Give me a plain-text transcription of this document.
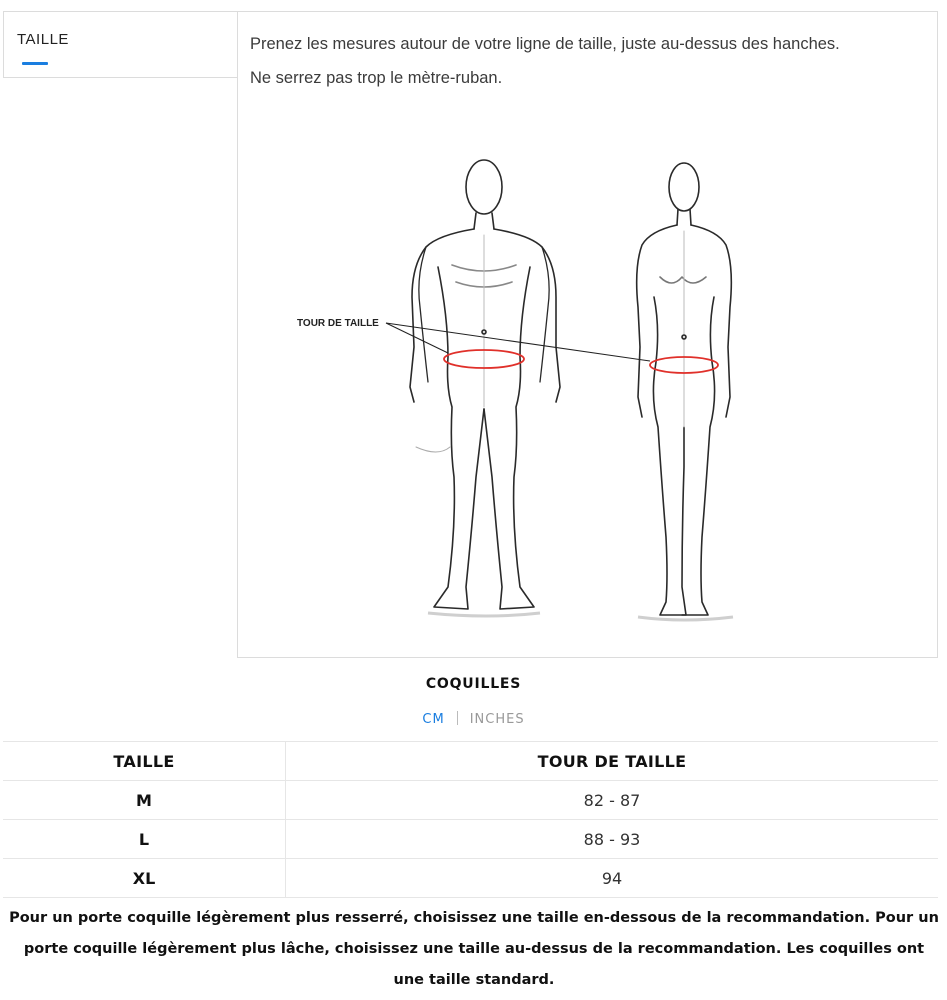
TAILLE	Prenez les mesures autour de votre ligne de taille, juste au-dessus des hanches.
Ne serrez pas trop le mètre-ruban.
TOUR DE TAILLE
COQUILLES
CM INCHES
TAILLE	TOUR DE TAILLE
M	82 - 87
L	88 - 93
XL	94
Pour un porte coquille légèrement plus resserré, choisissez une taille en-dessous de la recommandation. Pour un porte coquille légèrement plus lâche, choisissez une taille au-dessus de la recommandation. Les coquilles ont une taille standard.
